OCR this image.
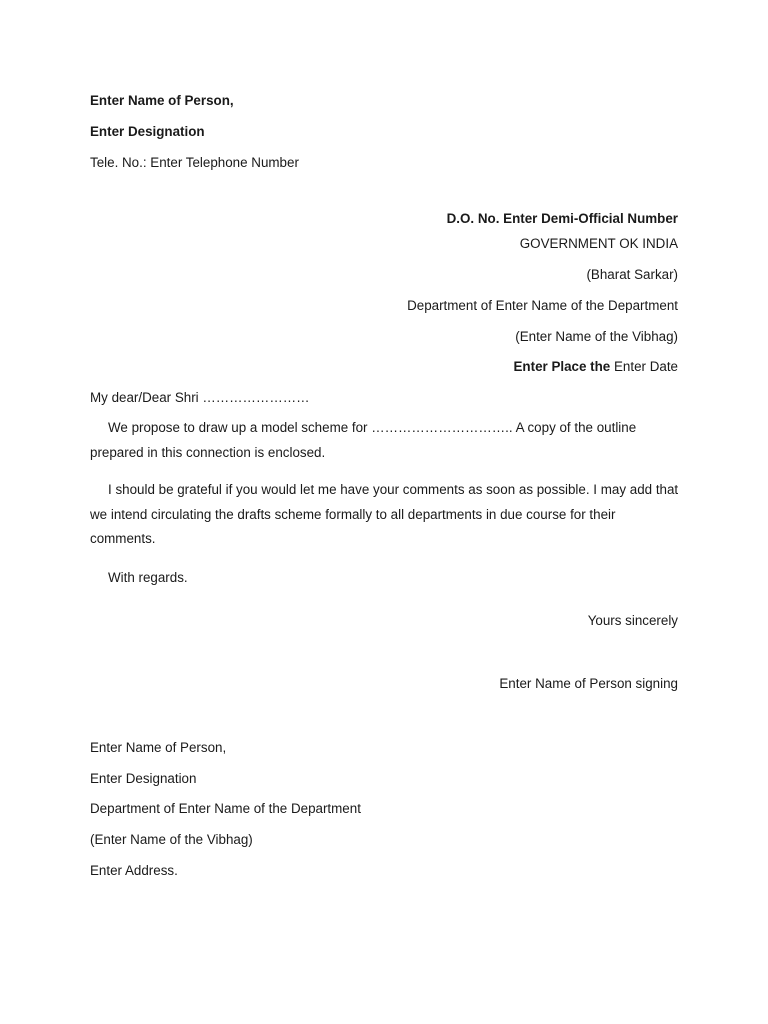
Enter Name of Person,
Enter Designation
Tele. No.: Enter Telephone Number
D.O. No. Enter Demi-Official Number
GOVERNMENT OK INDIA
(Bharat Sarkar)
Department of Enter Name of the Department
(Enter Name of the Vibhag)
Enter Place the Enter Date
My dear/Dear Shri ……………………
We propose to draw up a model scheme for ………………………….. A copy of the outline prepared in this connection is enclosed.
I should be grateful if you would let me have your comments as soon as possible. I may add that we intend circulating the drafts scheme formally to all departments in due course for their comments.
With regards.
Yours sincerely
Enter Name of Person signing
Enter Name of Person,
Enter Designation
Department of Enter Name of the Department
(Enter Name of the Vibhag)
Enter Address.
